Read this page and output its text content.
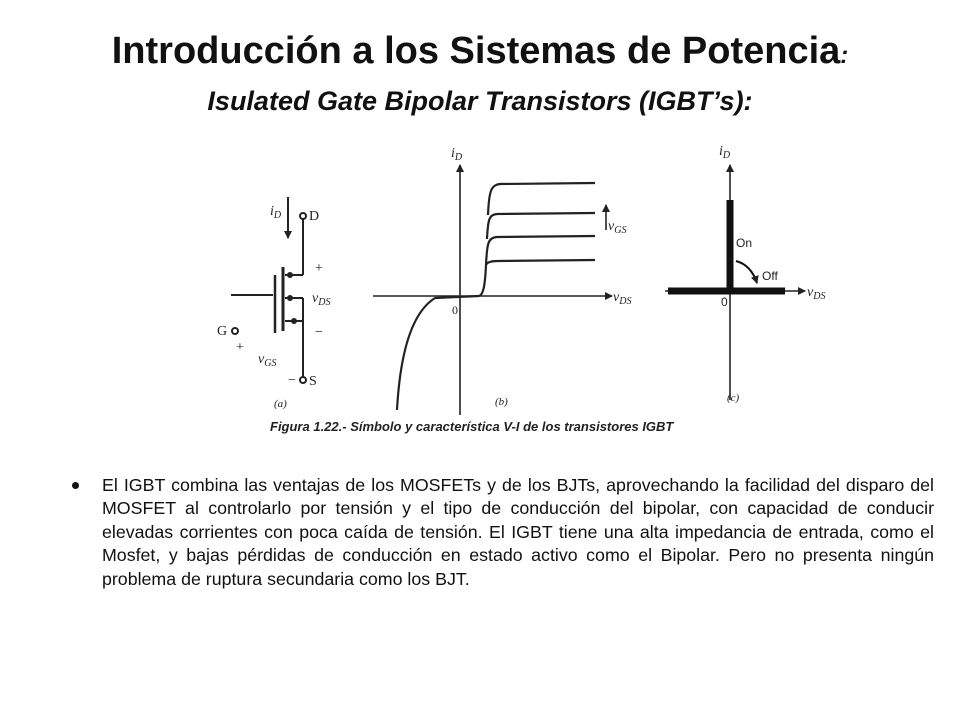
Introducción a los Sistemas de Potencia:
Isulated Gate Bipolar Transistors (IGBT’s):
$i_D$ D
+
$v_{DS}$
−
G
+
$v_{GS}$
− S
(a)
$i_D$
$v_{DS}$
0
$v_{GS}$
(b)
$i_D$
On
Off
$v_{DS}$
0
(c)
Figura 1.22.- Símbolo y característica V-I de los transistores IGBT
El IGBT combina las ventajas de los MOSFETs y de los BJTs, aprovechando la facilidad del disparo del MOSFET al controlarlo por tensión y el tipo de conducción del bipolar, con capacidad de conducir elevadas corrientes con poca caída de tensión. El IGBT tiene una alta impedancia de entrada, como el Mosfet, y bajas pérdidas de conducción en estado activo como el Bipolar. Pero no presenta ningún problema de ruptura secundaria como los BJT.
